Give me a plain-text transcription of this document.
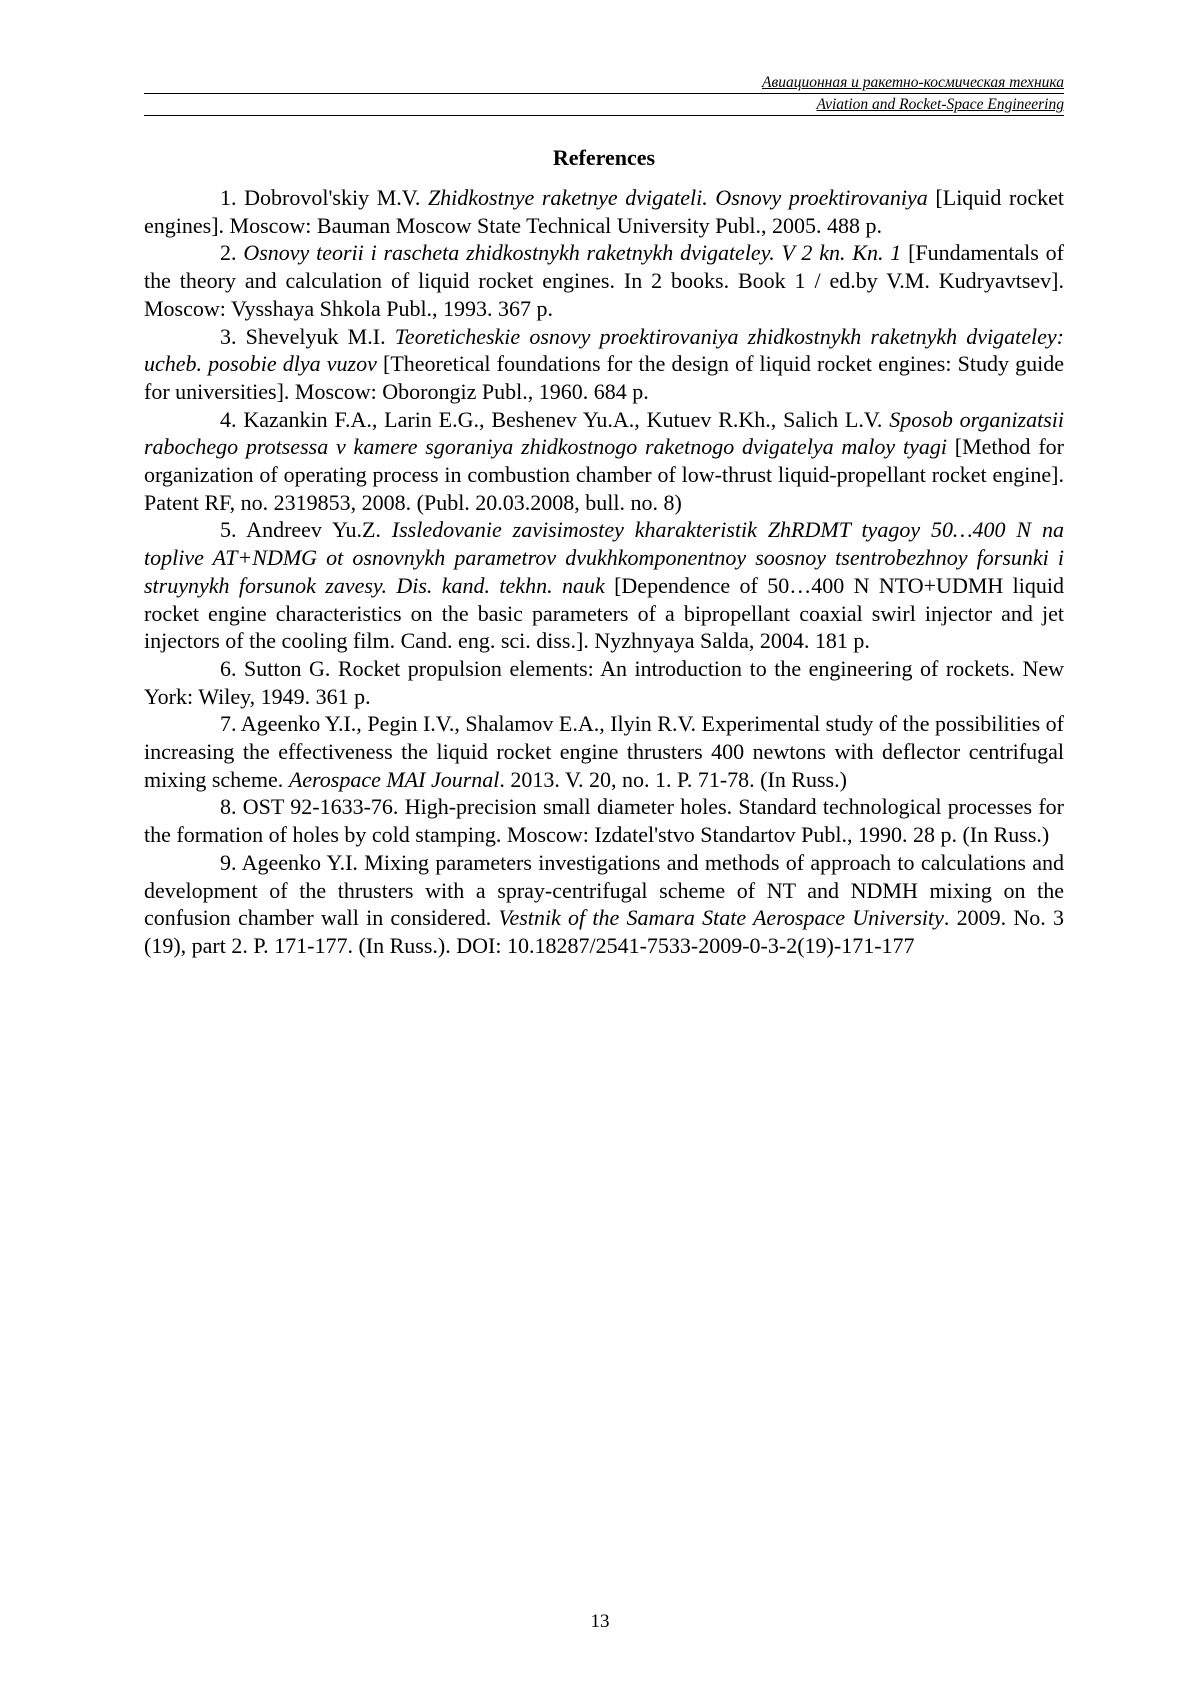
Авиационная и ракетно-космическая техника
Aviation and Rocket-Space Engineering
References

1. Dobrovol'skiy M.V. Zhidkostnye raketnye dvigateli. Osnovy proektirovaniya [Liquid rocket engines]. Moscow: Bauman Moscow State Technical University Publ., 2005. 488 p.

2. Osnovy teorii i rascheta zhidkostnykh raketnykh dvigateley. V 2 kn. Kn. 1 [Fundamentals of the theory and calculation of liquid rocket engines. In 2 books. Book 1 / ed.by V.M. Kudryavtsev]. Moscow: Vysshaya Shkola Publ., 1993. 367 p.

3. Shevelyuk M.I. Teoreticheskie osnovy proektirovaniya zhidkostnykh raketnykh dvigateley: ucheb. posobie dlya vuzov [Theoretical foundations for the design of liquid rocket engines: Study guide for universities]. Moscow: Oborongiz Publ., 1960. 684 p.

4. Kazankin F.A., Larin E.G., Beshenev Yu.A., Kutuev R.Kh., Salich L.V. Sposob organizatsii rabochego protsessa v kamere sgoraniya zhidkostnogo raketnogo dvigatelya maloy tyagi [Method for organization of operating process in combustion chamber of low-thrust liquid-propellant rocket engine]. Patent RF, no. 2319853, 2008. (Publ. 20.03.2008, bull. no. 8)

5. Andreev Yu.Z. Issledovanie zavisimostey kharakteristik ZhRDMT tyagoy 50…400 N na toplive AT+NDMG ot osnovnykh parametrov dvukhkomponentnoy soosnoy tsentrobezhnoy forsunki i struynykh forsunok zavesy. Dis. kand. tekhn. nauk [Dependence of 50…400 N NTO+UDMH liquid rocket engine characteristics on the basic parameters of a bipropellant coaxial swirl injector and jet injectors of the cooling film. Cand. eng. sci. diss.]. Nyzhnyaya Salda, 2004. 181 p.

6. Sutton G. Rocket propulsion elements: An introduction to the engineering of rockets. New York: Wiley, 1949. 361 p.

7. Ageenko Y.I., Pegin I.V., Shalamov E.A., Ilyin R.V. Experimental study of the possibilities of increasing the effectiveness the liquid rocket engine thrusters 400 newtons with deflector centrifugal mixing scheme. Aerospace MAI Journal. 2013. V. 20, no. 1. P. 71-78. (In Russ.)

8. OST 92-1633-76. High-precision small diameter holes. Standard technological processes for the formation of holes by cold stamping. Moscow: Izdatel'stvo Standartov Publ., 1990. 28 p. (In Russ.)

9. Ageenko Y.I. Mixing parameters investigations and methods of approach to calculations and development of the thrusters with a spray-centrifugal scheme of NT and NDMH mixing on the confusion chamber wall in considered. Vestnik of the Samara State Aerospace University. 2009. No. 3 (19), part 2. P. 171-177. (In Russ.). DOI: 10.18287/2541-7533-2009-0-3-2(19)-171-177

13
